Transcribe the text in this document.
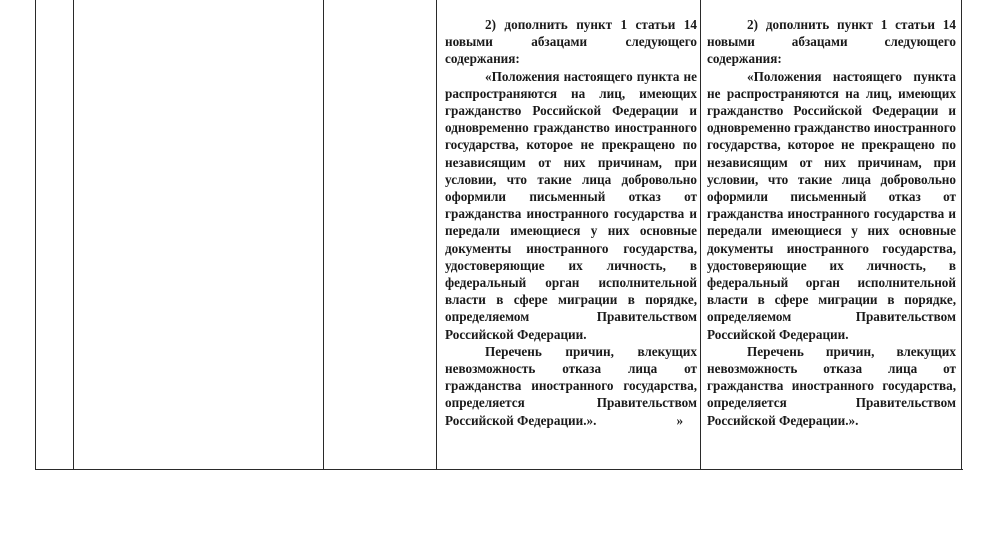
2) дополнить пункт 1 статьи 14 новыми абзацами следующего содержания:

«Положения настоящего пункта не распространяются на лиц, имеющих гражданство Российской Федерации и одновременно гражданство иностранного государства, которое не прекращено по независящим от них причинам, при условии, что такие лица добровольно оформили письменный отказ от гражданства иностранного государства и передали имеющиеся у них основные документы иностранного государства, удостоверяющие их личность, в федеральный орган исполнительной власти в сфере миграции в порядке, определяемом Правительством Российской Федерации.

Перечень причин, влекущих невозможность отказа лица от гражданства иностранного государства, определяется Правительством Российской Федерации.».	»

2) дополнить пункт 1 статьи 14 новыми абзацами следующего содержания:

«Положения настоящего пункта не распространяются на лиц, имеющих гражданство Российской Федерации и одновременно гражданство иностранного государства, которое не прекращено по независящим от них причинам, при условии, что такие лица добровольно оформили письменный отказ от гражданства иностранного государства и передали имеющиеся у них основные документы иностранного государства, удостоверяющие их личность, в федеральный орган исполнительной власти в сфере миграции в порядке, определяемом Правительством Российской Федерации.

Перечень причин, влекущих невозможность отказа лица от гражданства иностранного государства, определяется Правительством Российской Федерации.».
